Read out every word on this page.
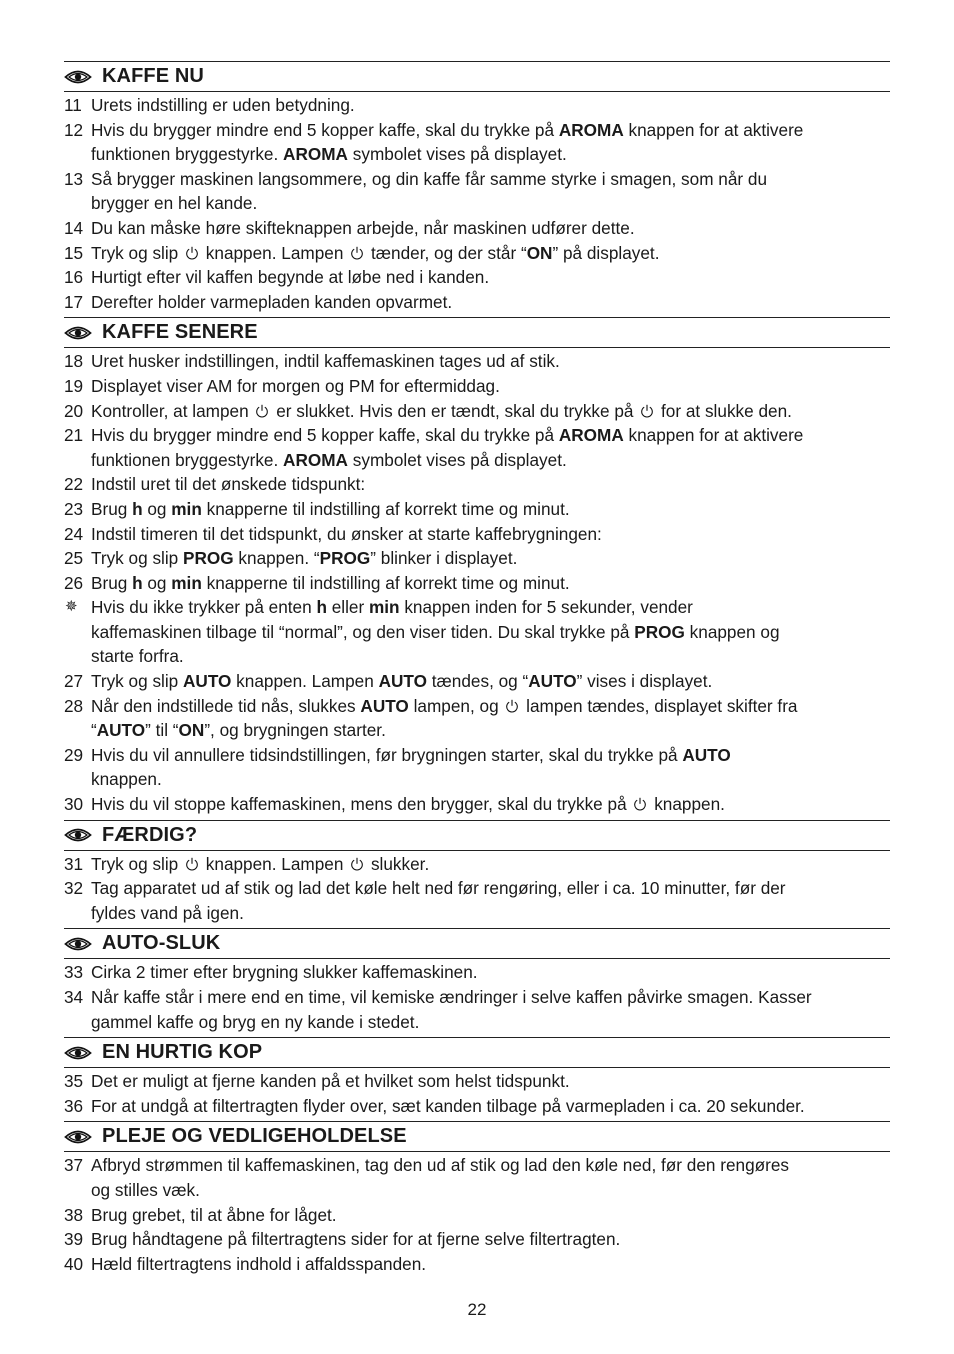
KAFFE NU
11 Urets indstilling er uden betydning.
12 Hvis du brygger mindre end 5 kopper kaffe, skal du trykke på AROMA knappen for at aktivere
funktionen bryggestyrke. AROMA symbolet vises på displayet.
13 Så brygger maskinen langsommere, og din kaffe får samme styrke i smagen, som når du
brygger en hel kande.
14 Du kan måske høre skifteknappen arbejde, når maskinen udfører dette.
15 Tryk og slip  knappen. Lampen  tænder, og der står “ON” på displayet.
16 Hurtigt efter vil kaffen begynde at løbe ned i kanden.
17 Derefter holder varmepladen kanden opvarmet.
KAFFE SENERE
18 Uret husker indstillingen, indtil kaffemaskinen tages ud af stik.
19 Displayet viser AM for morgen og PM for eftermiddag.
20 Kontroller, at lampen  er slukket. Hvis den er tændt, skal du trykke på  for at slukke den.
21 Hvis du brygger mindre end 5 kopper kaffe, skal du trykke på AROMA knappen for at aktivere
funktionen bryggestyrke. AROMA symbolet vises på displayet.
22 Indstil uret til det ønskede tidspunkt:
23 Brug h og min knapperne til indstilling af korrekt time og minut.
24 Indstil timeren til det tidspunkt, du ønsker at starte kaffebrygningen:
25 Tryk og slip PROG knappen. “PROG” blinker i displayet.
26 Brug h og min knapperne til indstilling af korrekt time og minut.
✵ Hvis du ikke trykker på enten h eller min knappen inden for 5 sekunder, vender
kaffemaskinen tilbage til “normal”, og den viser tiden. Du skal trykke på PROG knappen og
starte forfra.
27 Tryk og slip AUTO knappen. Lampen AUTO tændes, og “AUTO” vises i displayet.
28 Når den indstillede tid nås, slukkes AUTO lampen, og  lampen tændes, displayet skifter fra
“AUTO” til “ON”, og brygningen starter.
29 Hvis du vil annullere tidsindstillingen, før brygningen starter, skal du trykke på AUTO
knappen.
30 Hvis du vil stoppe kaffemaskinen, mens den brygger, skal du trykke på  knappen.
FÆRDIG?
31 Tryk og slip  knappen. Lampen  slukker.
32 Tag apparatet ud af stik og lad det køle helt ned før rengøring, eller i ca. 10 minutter, før der
fyldes vand på igen.
AUTO-SLUK
33 Cirka 2 timer efter brygning slukker kaffemaskinen.
34 Når kaffe står i mere end en time, vil kemiske ændringer i selve kaffen påvirke smagen. Kasser
gammel kaffe og bryg en ny kande i stedet.
EN HURTIG KOP
35 Det er muligt at fjerne kanden på et hvilket som helst tidspunkt.
36 For at undgå at filtertragten flyder over, sæt kanden tilbage på varmepladen i ca. 20 sekunder.
PLEJE OG VEDLIGEHOLDELSE
37 Afbryd strømmen til kaffemaskinen, tag den ud af stik og lad den køle ned, før den rengøres
og stilles væk.
38 Brug grebet, til at åbne for låget.
39 Brug håndtagene på filtertragtens sider for at fjerne selve filtertragten.
40 Hæld filtertragtens indhold i affaldsspanden.
22
